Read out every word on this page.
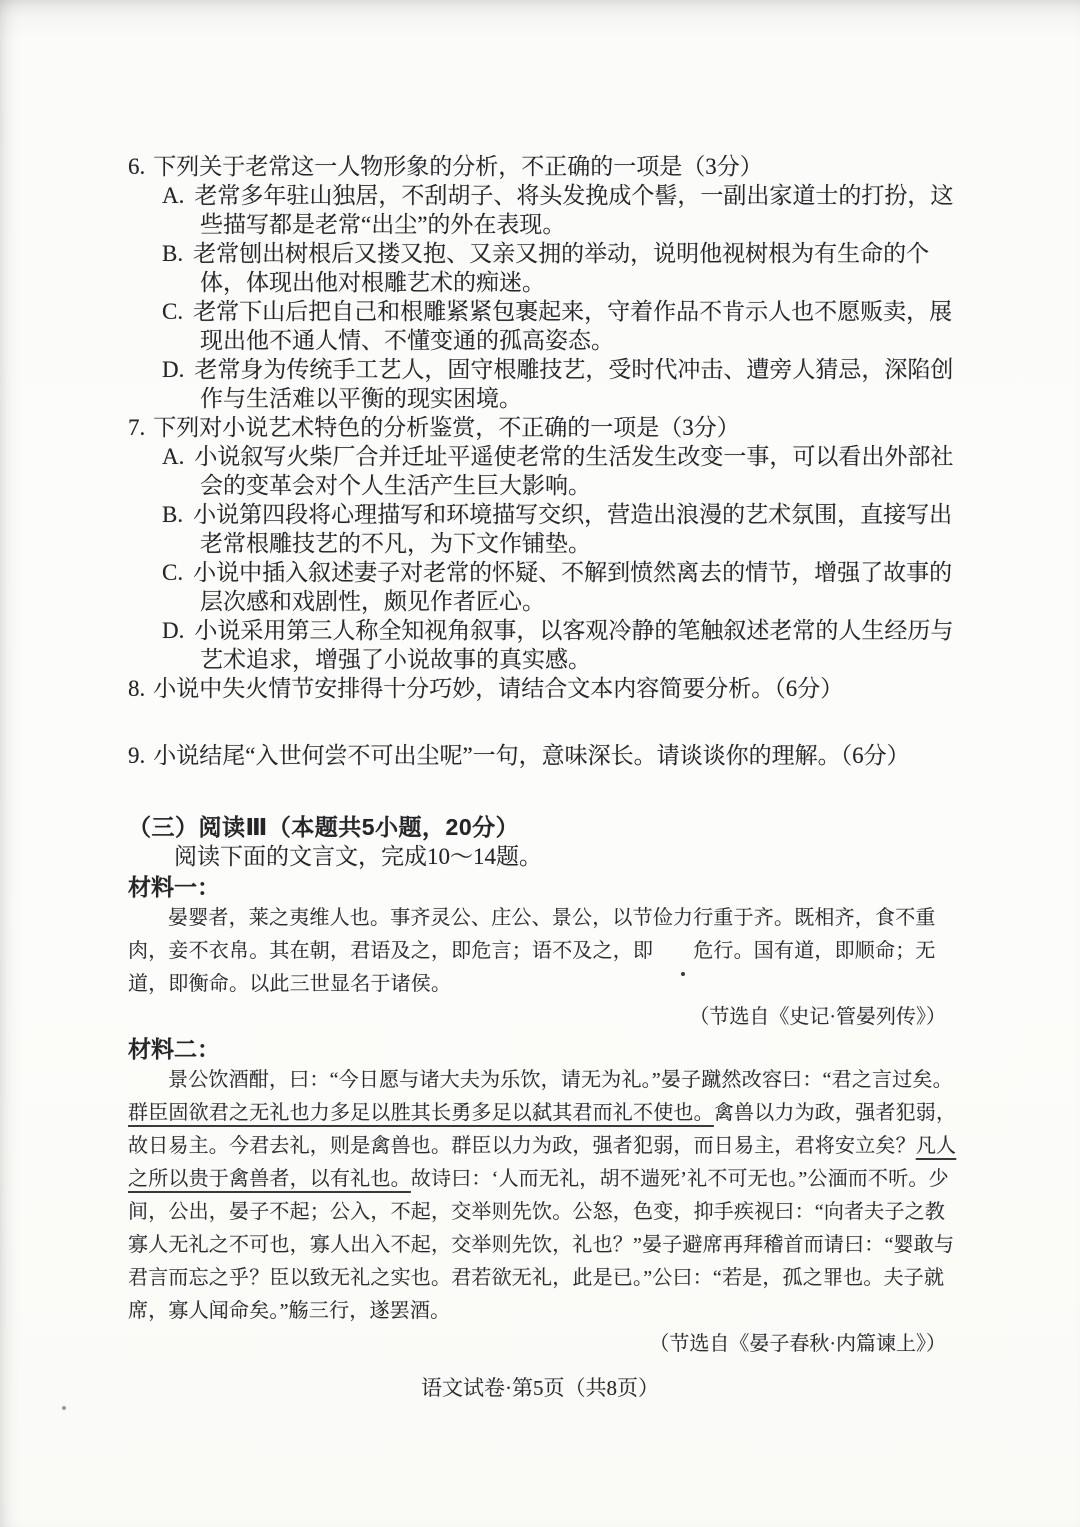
6. 下列关于老常这一人物形象的分析，不正确的一项是（3分）
A. 老常多年驻山独居，不刮胡子、将头发挽成个髻，一副出家道士的打扮，这些描写都是老常“出尘”的外在表现。
B. 老常刨出树根后又搂又抱、又亲又拥的举动，说明他视树根为有生命的个体，体现出他对根雕艺术的痴迷。
C. 老常下山后把自己和根雕紧紧包裹起来，守着作品不肯示人也不愿贩卖，展现出他不通人情、不懂变通的孤高姿态。
D. 老常身为传统手工艺人，固守根雕技艺，受时代冲击、遭旁人猜忌，深陷创作与生活难以平衡的现实困境。
7. 下列对小说艺术特色的分析鉴赏，不正确的一项是（3分）
A. 小说叙写火柴厂合并迁址平遥使老常的生活发生改变一事，可以看出外部社会的变革会对个人生活产生巨大影响。
B. 小说第四段将心理描写和环境描写交织，营造出浪漫的艺术氛围，直接写出老常根雕技艺的不凡，为下文作铺垫。
C. 小说中插入叙述妻子对老常的怀疑、不解到愤然离去的情节，增强了故事的层次感和戏剧性，颇见作者匠心。
D. 小说采用第三人称全知视角叙事，以客观冷静的笔触叙述老常的人生经历与艺术追求，增强了小说故事的真实感。
8. 小说中失火情节安排得十分巧妙，请结合文本内容简要分析。（6分）
9. 小说结尾“入世何尝不可出尘呢”一句，意味深长。请谈谈你的理解。（6分）
（三）阅读Ⅲ（本题共5小题，20分）
阅读下面的文言文，完成10～14题。
材料一：
晏婴者，莱之夷维人也。事齐灵公、庄公、景公，以节俭力行重于齐。既相齐，食不重肉，妾不衣帛。其在朝，君语及之，即危言；语不及之，即 危行。国有道，即顺命；无道，即衡命。以此三世显名于诸侯。
（节选自《史记·管晏列传》）
材料二：
景公饮酒酣，曰：“今日愿与诸大夫为乐饮，请无为礼。”晏子蹴然改容曰：“君之言过矣。群臣固欲君之无礼也力多足以胜其长勇多足以弑其君而礼不使也。禽兽以力为政，强者犯弱，故日易主。今君去礼，则是禽兽也。群臣以力为政，强者犯弱，而日易主，君将安立矣？凡人之所以贵于禽兽者，以有礼也。故诗曰：‘人而无礼，胡不遄死’礼不可无也。”公湎而不听。少间，公出，晏子不起；公入，不起，交举则先饮。公怒，色变，抑手疾视曰：“向者夫子之教寡人无礼之不可也，寡人出入不起，交举则先饮，礼也？”晏子避席再拜稽首而请曰：“婴敢与君言而忘之乎？臣以致无礼之实也。君若欲无礼，此是已。”公曰：“若是，孤之罪也。夫子就席，寡人闻命矣。”觞三行，遂罢酒。
（节选自《晏子春秋·内篇谏上》）
语文试卷·第5页（共8页）
